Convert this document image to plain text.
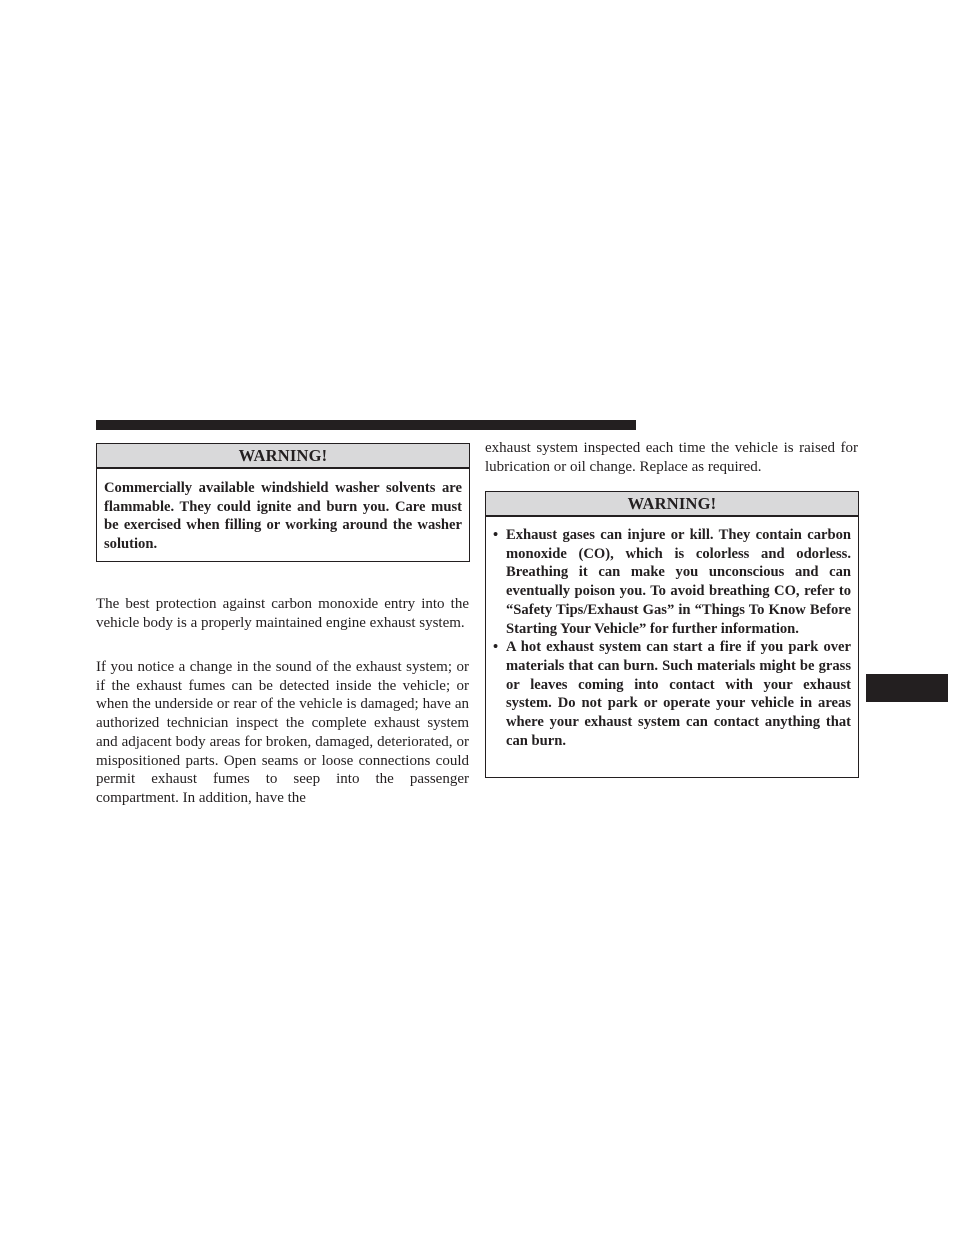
WARNING!
Commercially available windshield washer solvents are flammable. They could ignite and burn you. Care must be exercised when filling or working around the washer solution.

The best protection against carbon monoxide entry into the vehicle body is a properly maintained engine exhaust system.

If you notice a change in the sound of the exhaust system; or if the exhaust fumes can be detected inside the vehicle; or when the underside or rear of the vehicle is damaged; have an authorized technician inspect the complete exhaust system and adjacent body areas for broken, damaged, deteriorated, or mispositioned parts. Open seams or loose connections could permit exhaust fumes to seep into the passenger compartment. In addition, have the

exhaust system inspected each time the vehicle is raised for lubrication or oil change. Replace as required.

WARNING!
• Exhaust gases can injure or kill. They contain carbon monoxide (CO), which is colorless and odorless. Breathing it can make you unconscious and can eventually poison you. To avoid breathing CO, refer to “Safety Tips/Exhaust Gas” in “Things To Know Before Starting Your Vehicle” for further information.
• A hot exhaust system can start a fire if you park over materials that can burn. Such materials might be grass or leaves coming into contact with your exhaust system. Do not park or operate your vehicle in areas where your exhaust system can contact anything that can burn.
